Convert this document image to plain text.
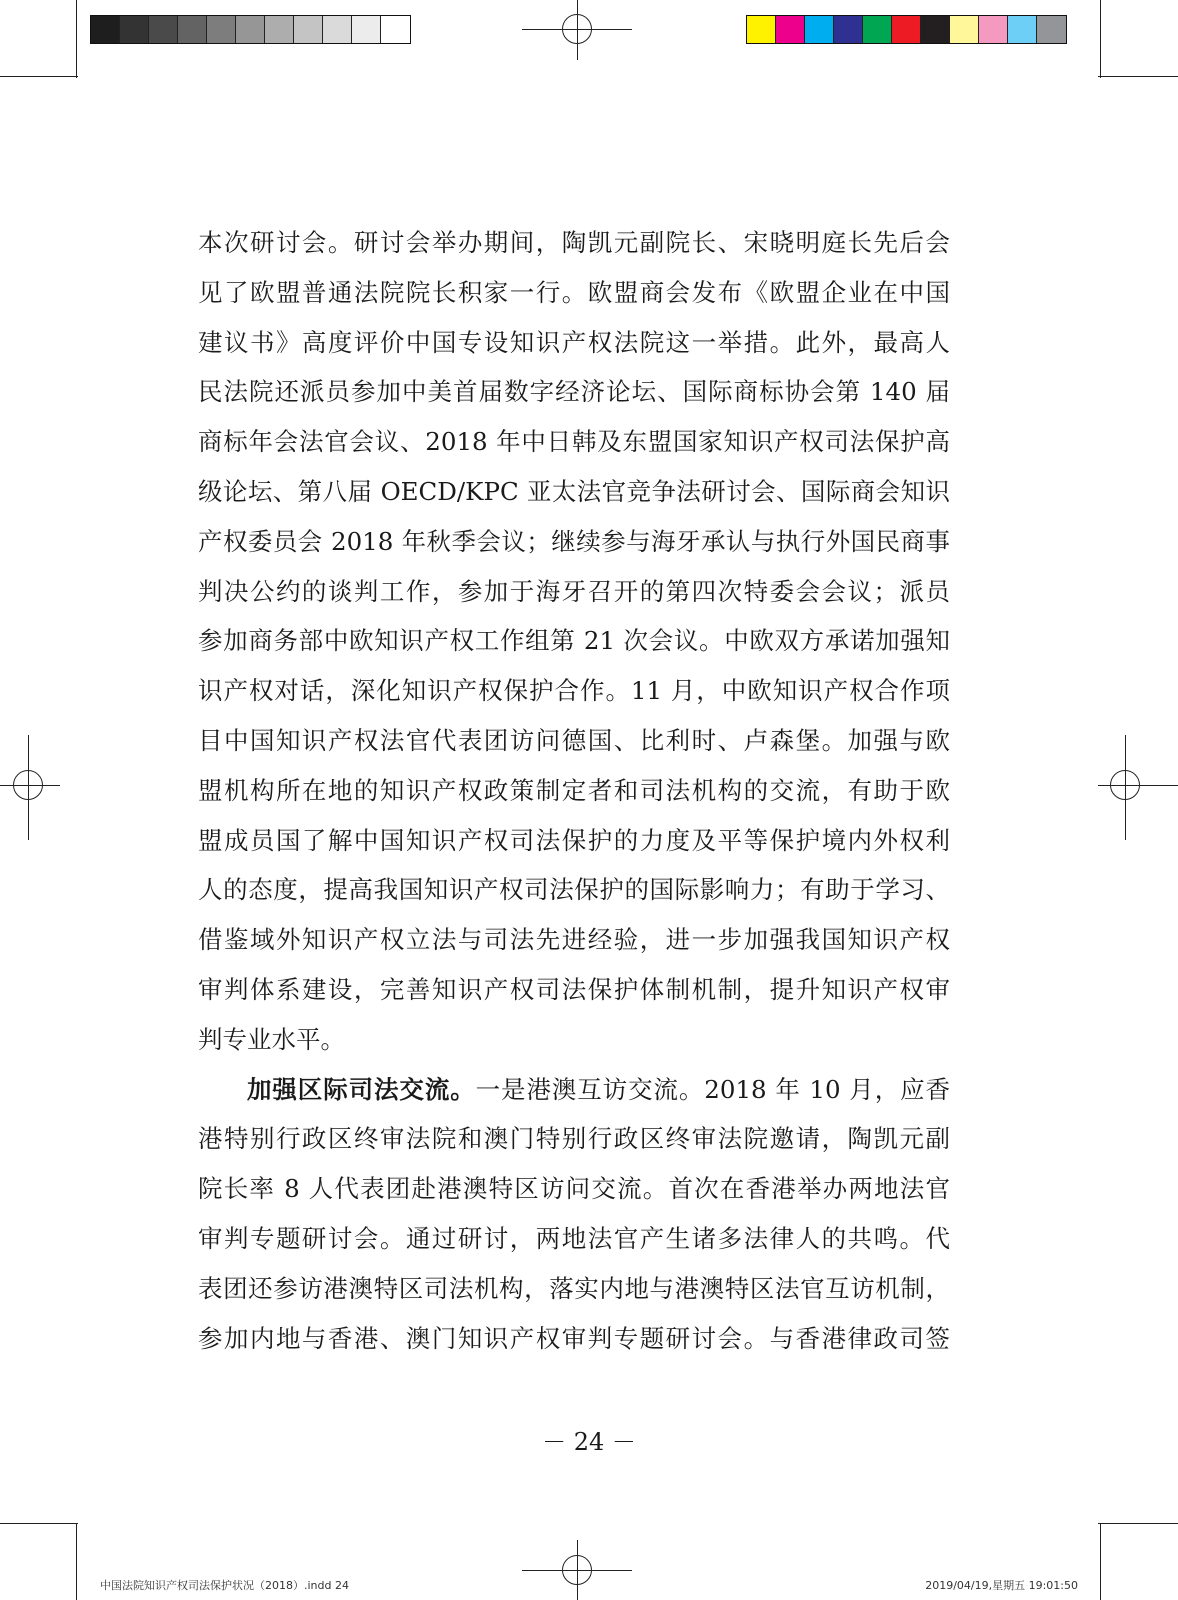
本次研讨会。研讨会举办期间，陶凯元副院长、宋晓明庭长先后会
见了欧盟普通法院院长积家一行。欧盟商会发布《欧盟企业在中国
建议书》高度评价中国专设知识产权法院这一举措。此外，最高人
民法院还派员参加中美首届数字经济论坛、国际商标协会第 140 届
商标年会法官会议、2018 年中日韩及东盟国家知识产权司法保护高
级论坛、第八届 OECD/KPC 亚太法官竞争法研讨会、国际商会知识
产权委员会 2018 年秋季会议；继续参与海牙承认与执行外国民商事
判决公约的谈判工作，参加于海牙召开的第四次特委会会议；派员
参加商务部中欧知识产权工作组第 21 次会议。中欧双方承诺加强知
识产权对话，深化知识产权保护合作。11 月，中欧知识产权合作项
目中国知识产权法官代表团访问德国、比利时、卢森堡。加强与欧
盟机构所在地的知识产权政策制定者和司法机构的交流，有助于欧
盟成员国了解中国知识产权司法保护的力度及平等保护境内外权利
人的态度，提高我国知识产权司法保护的国际影响力；有助于学习、
借鉴域外知识产权立法与司法先进经验，进一步加强我国知识产权
审判体系建设，完善知识产权司法保护体制机制，提升知识产权审
判专业水平。
加强区际司法交流。一是港澳互访交流。2018 年 10 月，应香
港特别行政区终审法院和澳门特别行政区终审法院邀请，陶凯元副
院长率 8 人代表团赴港澳特区访问交流。首次在香港举办两地法官
审判专题研讨会。通过研讨，两地法官产生诸多法律人的共鸣。代
表团还参访港澳特区司法机构，落实内地与港澳特区法官互访机制，
参加内地与香港、澳门知识产权审判专题研讨会。与香港律政司签
－ 24 －
中国法院知识产权司法保护状况（2018）.indd 24	2019/04/19,星期五 19:01:50
